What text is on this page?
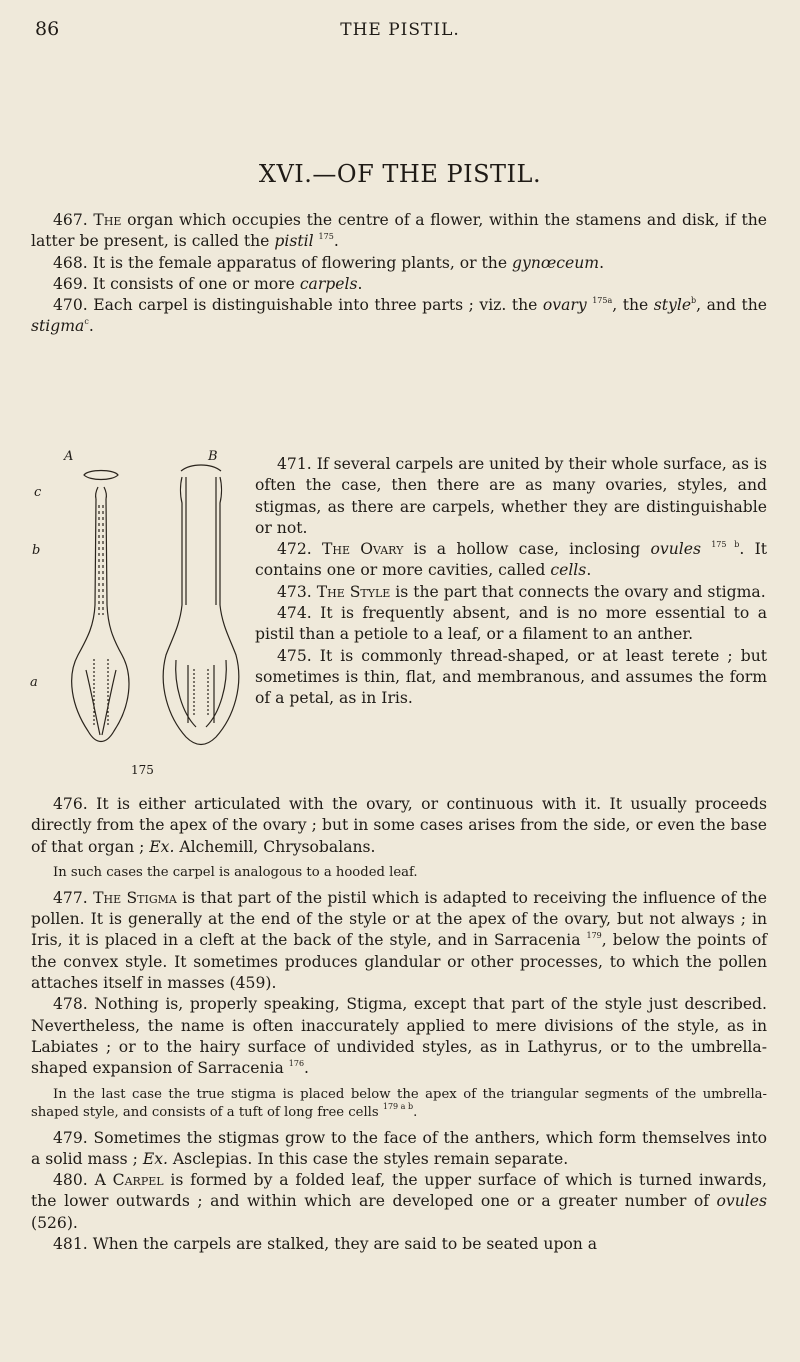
86	THE PISTIL.
XVI.—OF THE PISTIL.

467. The organ which occupies the centre of a flower, within the stamens and disk, if the latter be present, is called the pistil $^{175}$.

468. It is the female apparatus of flowering plants, or the gynœceum.

469. It consists of one or more carpels.

470. Each carpel is distinguishable into three parts ; viz. the ovary $^{175a}$, the style$^b$, and the stigma$^c$.

A	B
c
b
a
175

471. If several carpels are united by their whole surface, as is often the case, then there are as many ovaries, styles, and stigmas, as there are carpels, whether they are distinguishable or not.

472. The Ovary is a hollow case, inclosing ovules $^{175 b}$. It contains one or more cavities, called cells.

473. The Style is the part that connects the ovary and stigma.

474. It is frequently absent, and is no more essential to a pistil than a petiole to a leaf, or a filament to an anther.

475. It is commonly thread-shaped, or at least terete ; but sometimes is thin, flat, and membranous, and assumes the form of a petal, as in Iris.

476. It is either articulated with the ovary, or continuous with it. It usually proceeds directly from the apex of the ovary ; but in some cases arises from the side, or even the base of that organ ; Ex. Alchemill, Chrysobalans.

In such cases the carpel is analogous to a hooded leaf.

477. The Stigma is that part of the pistil which is adapted to receiving the influence of the pollen. It is generally at the end of the style or at the apex of the ovary, but not always ; in Iris, it is placed in a cleft at the back of the style, and in Sarracenia $^{179}$, below the points of the convex style. It sometimes produces glandular or other processes, to which the pollen attaches itself in masses (459).

478. Nothing is, properly speaking, Stigma, except that part of the style just described. Nevertheless, the name is often inaccurately applied to mere divisions of the style, as in Labiates ; or to the hairy surface of undivided styles, as in Lathyrus, or to the umbrella-shaped expansion of Sarracenia $^{176}$.

In the last case the true stigma is placed below the apex of the triangular segments of the umbrella-shaped style, and consists of a tuft of long free cells $^{179 a b}$.

479. Sometimes the stigmas grow to the face of the anthers, which form themselves into a solid mass ; Ex. Asclepias. In this case the styles remain separate.

480. A Carpel is formed by a folded leaf, the upper surface of which is turned inwards, the lower outwards ; and within which are developed one or a greater number of ovules (526).

481. When the carpels are stalked, they are said to be seated upon a
